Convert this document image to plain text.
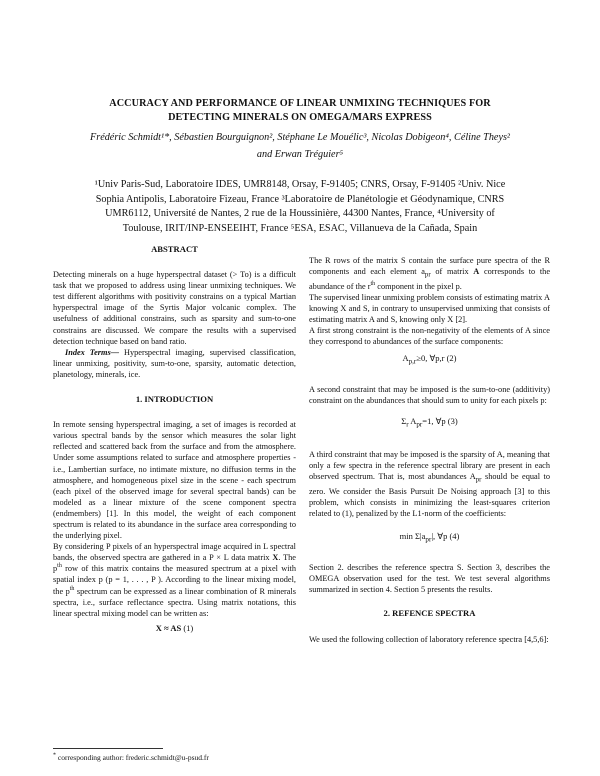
ACCURACY AND PERFORMANCE OF LINEAR UNMIXING TECHNIQUES FOR
DETECTING MINERALS ON OMEGA/MARS EXPRESS
Frédéric Schmidt¹*, Sébastien Bourguignon², Stéphane Le Mouélic³, Nicolas Dobigeon⁴, Céline Theys²
and Erwan Tréguier⁵
¹Univ Paris-Sud, Laboratoire IDES, UMR8148, Orsay, F-91405; CNRS, Orsay, F-91405 ²Univ. Nice
Sophia Antipolis, Laboratoire Fizeau, France ³Laboratoire de Planétologie et Géodynamique, CNRS
UMR6112, Université de Nantes, 2 rue de la Houssinière, 44300 Nantes, France, ⁴University of
Toulouse, IRIT/INP-ENSEEIHT, France ⁵ESA, ESAC, Villanueva de la Cañada, Spain
ABSTRACT

Detecting minerals on a huge hyperspectral dataset (> To) is a difficult task that we proposed to address using linear unmixing techniques. We test different algorithms with positivity constrains on a typical Martian hyperspectral image of the Syrtis Major volcanic complex. The usefulness of additional constrains, such as sparsity and sum-to-one constrains are discussed. We compare the results with a supervised detection technique based on band ratio.

Index Terms— Hyperspectral imaging, supervised classification, linear unmixing, positivity, sum-to-one, sparsity, automatic detection, planetology, minerals, ice.

1. INTRODUCTION

In remote sensing hyperspectral imaging, a set of images is recorded at various spectral bands by the sensor which measures the solar light reflected and scattered back from the surface and from the atmosphere. Under some assumptions related to surface and atmosphere properties - i.e., Lambertian surface, no intimate mixture, no diffusion terms in the atmosphere, and homogeneous pixel size in the scene - each spectrum (each pixel of the observed image for several spectral bands) can be modeled as a linear mixture of the scene component spectra (endmembers) [1]. In this model, the weight of each component spectrum is related to its abundance in the surface area corresponding to the underlying pixel.

By considering P pixels of an hyperspectral image acquired in L spectral bands, the observed spectra are gathered in a P × L data matrix X. The $p^{th}$ row of this matrix contains the measured spectrum at a pixel with spatial index p (p = 1, . . . , P ). According to the linear mixing model, the $p^{th}$ spectrum can be expressed as a linear combination of R minerals spectra, i.e., surface reflectance spectra. Using matrix notations, this linear spectral mixing model can be written as:

X ≈ AS (1)

The R rows of the matrix S contain the surface pure spectra of the R components and each element $a_{pr}$ of matrix A corresponds to the abundance of the $r^{th}$ component in the pixel p.

The supervised linear unmixing problem consists of estimating matrix A knowing X and S, in contrary to unsupervised unmixing that consists of estimating matrix A and S, knowing only X [2].

A first strong constraint is the non-negativity of the elements of A since they correspond to abundances of the surface components:

$A_{p,r}\ge 0$, ∀p,r (2)

A second constraint that may be imposed is the sum-to-one (additivity) constraint on the abundances that should sum to unity for each pixels p:

$\Sigma_r$ $A_{pr}=1$, ∀p (3)

A third constraint that may be imposed is the sparsity of A, meaning that only a few spectra in the reference spectral library are present in each observed spectrum. That is, most abundances $A_{pr}$ should be equal to zero. We consider the Basis Pursuit De Noising approach [3] to this problem, which consists in minimizing the least-squares criterion related to (1), penalized by the L1-norm of the coefficients:

$\min \Sigma|a_{pr}|$, ∀p (4)

Section 2. describes the reference spectra S. Section 3, describes the OMEGA observation used for the test. We test several algorithms summarized in section 4. Section 5 presents the results.

2. REFENCE SPECTRA

We used the following collection of laboratory reference spectra [4,5,6]:

* corresponding author: frederic.schmidt@u-psud.fr
